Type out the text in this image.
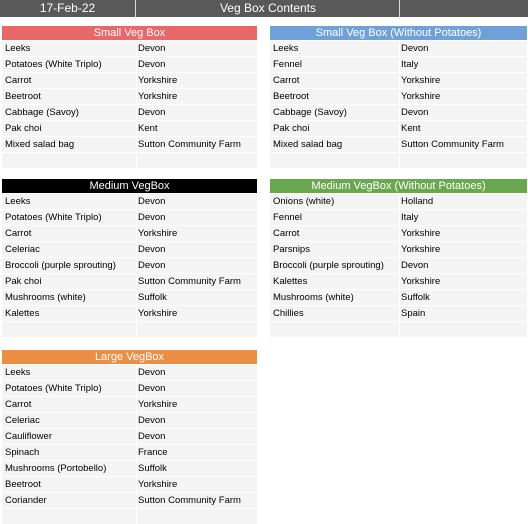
17-Feb-22	Veg Box Contents
Small Veg Box
Leeks	Devon
Potatoes (White Triplo)	Devon
Carrot	Yorkshire
Beetroot	Yorkshire
Cabbage (Savoy)	Devon
Pak choi	Kent
Mixed salad bag	Sutton Community Farm
Small Veg Box (Without Potatoes)
Leeks	Devon
Fennel	Italy
Carrot	Yorkshire
Beetroot	Yorkshire
Cabbage (Savoy)	Devon
Pak choi	Kent
Mixed salad bag	Sutton Community Farm
Medium VegBox
Leeks	Devon
Potatoes (White Triplo)	Devon
Carrot	Yorkshire
Celeriac	Devon
Broccoli (purple sprouting) Devon
Pak choi	Sutton Community Farm
Mushrooms (white)	Suffolk
Kalettes	Yorkshire
Medium VegBox (Without Potatoes)
Onions (white)	Holland
Fennel	Italy
Carrot	Yorkshire
Parsnips	Yorkshire
Broccoli (purple sprouting) Devon
Kalettes	Yorkshire
Mushrooms (white)	Suffolk
Chillies	Spain
Large VegBox
Leeks	Devon
Potatoes (White Triplo)	Devon
Carrot	Yorkshire
Celeriac	Devon
Cauliflower	Devon
Spinach	France
Mushrooms (Portobello)	Suffolk
Beetroot	Yorkshire
Coriander	Sutton Community Farm
